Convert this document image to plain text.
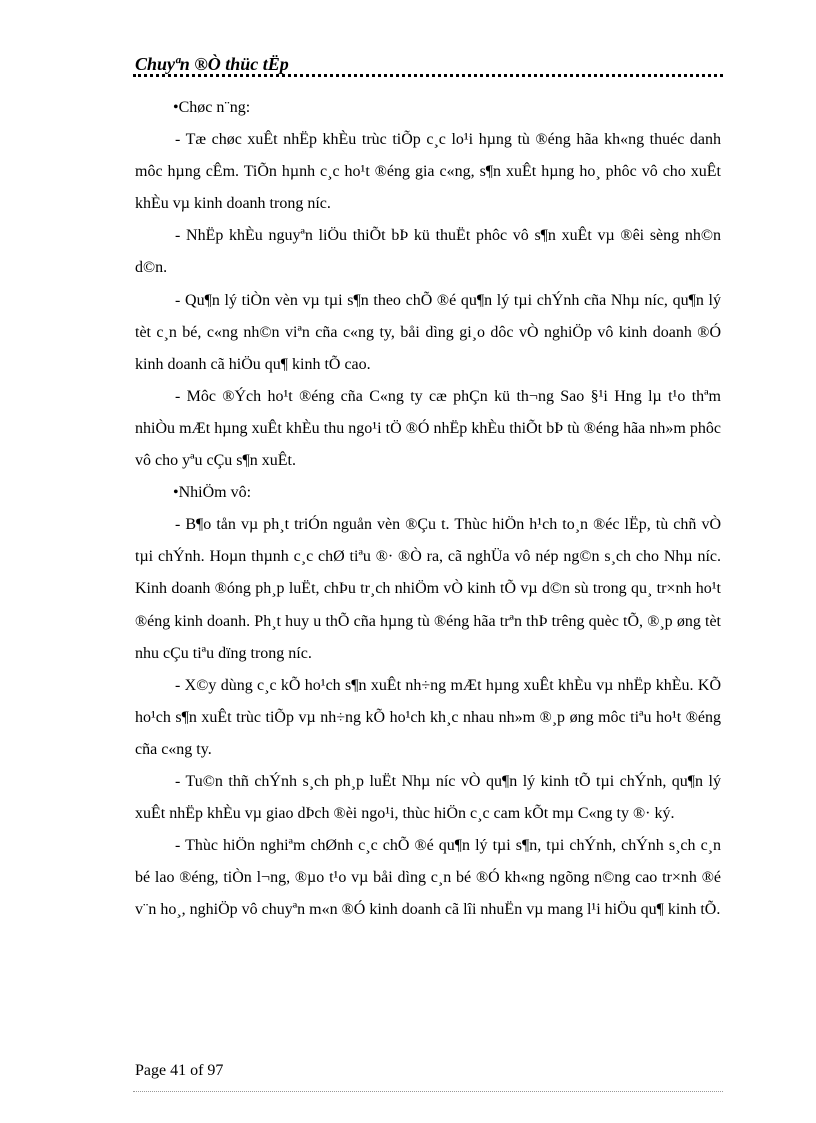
Chuyªn ®Ò thüc tËp

•Chøc n¨ng:

- Tæ chøc xuÊt nhËp khÈu trùc tiÕp c¸c lo¹i hµng tù ®éng hãa kh«ng thuéc danh môc hµng cÊm. TiÕn hµnh c¸c ho¹t ®éng gia c«ng, s¶n xuÊt hµng ho¸ phôc vô cho xuÊt khÈu vµ kinh doanh trong níc.

- NhËp khÈu nguyªn liÖu thiÕt bÞ kü thuËt phôc vô s¶n xuÊt vµ ®êi sèng nh©n d©n.

- Qu¶n lý tiÒn vèn vµ tµi s¶n theo chÕ ®é qu¶n lý tµi chÝnh cña Nhµ níc, qu¶n lý tèt c¸n bé, c«ng nh©n viªn cña c«ng ty, båi dìng gi¸o dôc vÒ nghiÖp vô kinh doanh ®Ó kinh doanh cã hiÖu qu¶ kinh tÕ cao.

- Môc ®Ých ho¹t ®éng cña C«ng ty cæ phÇn kü th¬ng Sao §¹i Hng lµ t¹o thªm nhiÒu mÆt hµng xuÊt khÈu thu ngo¹i tÖ ®Ó nhËp khÈu thiÕt bÞ tù ®éng hãa nh»m phôc vô cho yªu cÇu s¶n xuÊt.

•NhiÖm vô:

- B¶o tån vµ ph¸t triÓn nguån vèn ®Çu t. Thùc hiÖn h¹ch to¸n ®éc lËp, tù chñ vÒ tµi chÝnh. Hoµn thµnh c¸c chØ tiªu ®· ®Ò ra, cã nghÜa vô nép ng©n s¸ch cho Nhµ níc. Kinh doanh ®óng ph¸p luËt, chÞu tr¸ch nhiÖm vÒ kinh tÕ vµ d©n sù trong qu¸ tr×nh ho¹t ®éng kinh doanh. Ph¸t huy u thÕ cña hµng tù ®éng hãa trªn thÞ trêng quèc tÕ, ®¸p øng tèt nhu cÇu tiªu dïng trong níc.

- X©y dùng c¸c kÕ ho¹ch s¶n xuÊt nh÷ng mÆt hµng xuÊt khÈu vµ nhËp khÈu. KÕ ho¹ch s¶n xuÊt trùc tiÕp vµ nh÷ng kÕ ho¹ch kh¸c nhau nh»m ®¸p øng môc tiªu ho¹t ®éng cña c«ng ty.

- Tu©n thñ chÝnh s¸ch ph¸p luËt Nhµ níc vÒ qu¶n lý kinh tÕ tµi chÝnh, qu¶n lý xuÊt nhËp khÈu vµ giao dÞch ®èi ngo¹i, thùc hiÖn c¸c cam kÕt mµ C«ng ty ®· ký.

- Thùc hiÖn nghiªm chØnh c¸c chÕ ®é qu¶n lý tµi s¶n, tµi chÝnh, chÝnh s¸ch c¸n bé lao ®éng, tiÒn l¬ng, ®µo t¹o vµ båi dìng c¸n bé ®Ó kh«ng ngõng n©ng cao tr×nh ®é v¨n ho¸, nghiÖp vô chuyªn m«n ®Ó kinh doanh cã lîi nhuËn vµ mang l¹i hiÖu qu¶ kinh tÕ.

Page 41 of 97
